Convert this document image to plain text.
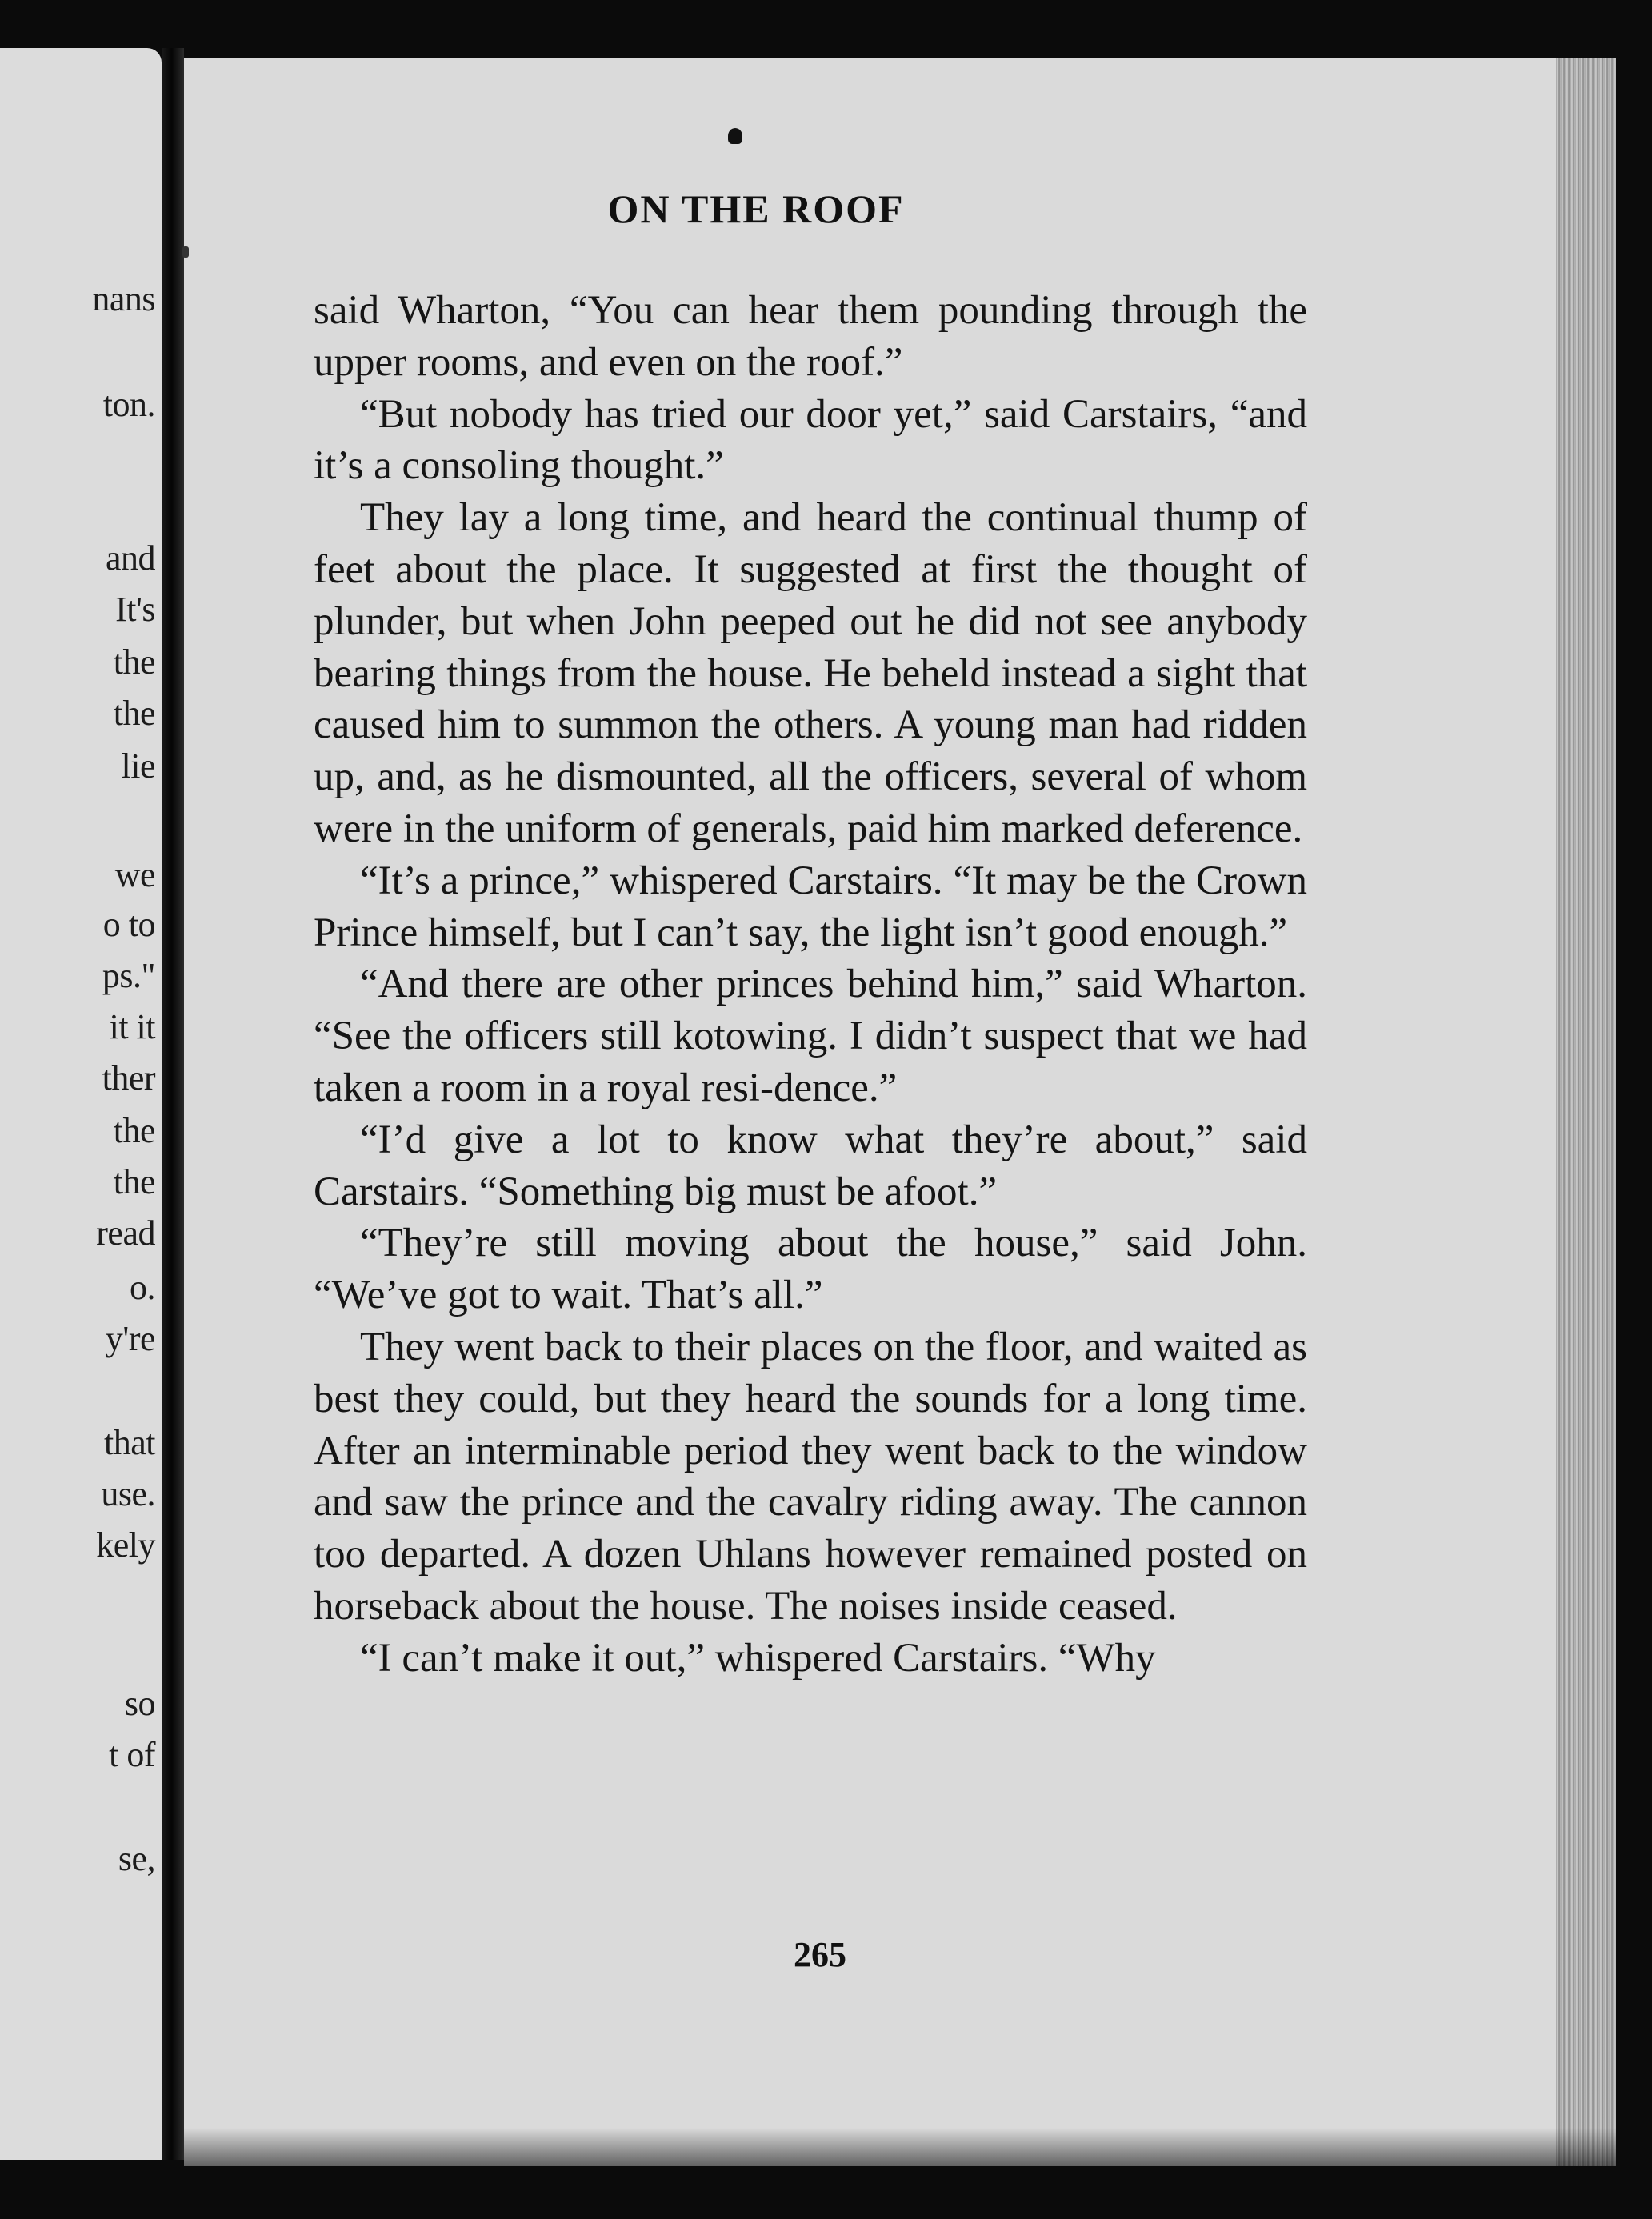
nans
ton.
and
It's
the
the
lie
we
o to
ps."
it it
ther
the
the
read
o.
y're
that
use.
kely
so
t of
se,
ON THE ROOF

said Wharton, “You can hear them pounding through the upper rooms, and even on the roof.”

“But nobody has tried our door yet,” said Carstairs, “and it’s a consoling thought.”

They lay a long time, and heard the continual thump of feet about the place. It suggested at first the thought of plunder, but when John peeped out he did not see anybody bearing things from the house. He beheld instead a sight that caused him to summon the others. A young man had ridden up, and, as he dismounted, all the officers, several of whom were in the uniform of generals, paid him marked deference.

“It’s a prince,” whispered Carstairs. “It may be the Crown Prince himself, but I can’t say, the light isn’t good enough.”

“And there are other princes behind him,” said Wharton. “See the officers still kotowing. I didn’t suspect that we had taken a room in a royal resi-dence.”

“I’d give a lot to know what they’re about,” said Carstairs. “Something big must be afoot.”

“They’re still moving about the house,” said John. “We’ve got to wait. That’s all.”

They went back to their places on the floor, and waited as best they could, but they heard the sounds for a long time. After an interminable period they went back to the window and saw the prince and the cavalry riding away. The cannon too departed. A dozen Uhlans however remained posted on horseback about the house. The noises inside ceased.

“I can’t make it out,” whispered Carstairs. “Why

265
